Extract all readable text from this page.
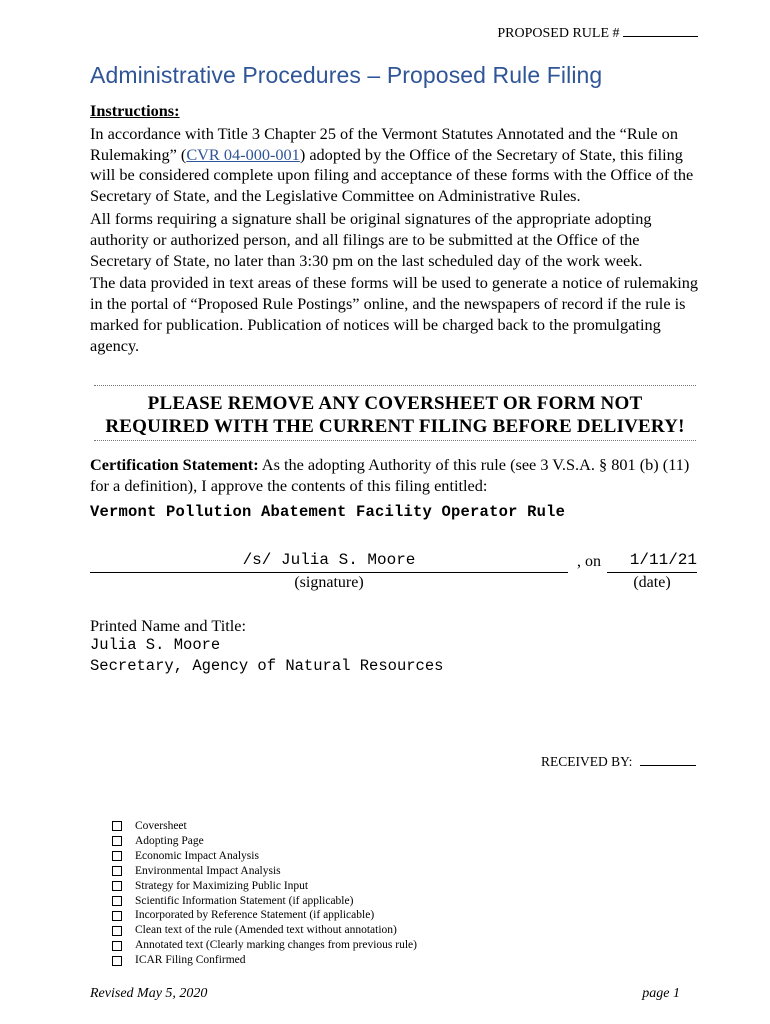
PROPOSED RULE #
Administrative Procedures – Proposed Rule Filing

Instructions:

In accordance with Title 3 Chapter 25 of the Vermont Statutes Annotated and the “Rule on Rulemaking” (CVR 04-000-001) adopted by the Office of the Secretary of State, this filing will be considered complete upon filing and acceptance of these forms with the Office of the Secretary of State, and the Legislative Committee on Administrative Rules.

All forms requiring a signature shall be original signatures of the appropriate adopting authority or authorized person, and all filings are to be submitted at the Office of the Secretary of State, no later than 3:30 pm on the last scheduled day of the work week.

The data provided in text areas of these forms will be used to generate a notice of rulemaking in the portal of “Proposed Rule Postings” online, and the newspapers of record if the rule is marked for publication. Publication of notices will be charged back to the promulgating agency.

PLEASE REMOVE ANY COVERSHEET OR FORM NOT
REQUIRED WITH THE CURRENT FILING BEFORE DELIVERY!
Certification Statement: As the adopting Authority of this rule (see 3 V.S.A. § 801 (b) (11) for a definition), I approve the contents of this filing entitled:
Vermont Pollution Abatement Facility Operator Rule
/s/ Julia S. Moore	, on	1/11/21
(signature)	(date)
Printed Name and Title:
Julia S. Moore
Secretary, Agency of Natural Resources
RECEIVED BY:
Coversheet
Adopting Page
Economic Impact Analysis
Environmental Impact Analysis
Strategy for Maximizing Public Input
Scientific Information Statement (if applicable)
Incorporated by Reference Statement (if applicable)
Clean text of the rule (Amended text without annotation)
Annotated text (Clearly marking changes from previous rule)
ICAR Filing Confirmed
Revised May 5, 2020	page 1
